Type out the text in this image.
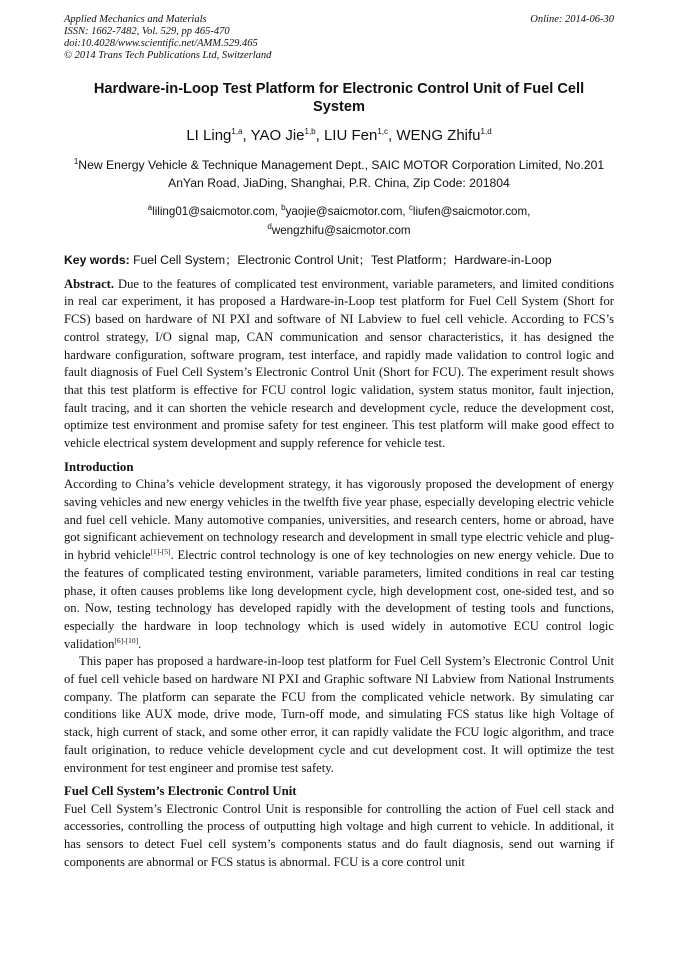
Applied Mechanics and Materials
ISSN: 1662-7482, Vol. 529, pp 465-470
doi:10.4028/www.scientific.net/AMM.529.465
© 2014 Trans Tech Publications Ltd, Switzerland
Online: 2014-06-30
Hardware-in-Loop Test Platform for Electronic Control Unit of Fuel Cell System
LI Ling$^{1,a}$, YAO Jie$^{1,b}$, LIU Fen$^{1,c}$, WENG Zhifu$^{1,d}$
$^1$New Energy Vehicle & Technique Management Dept., SAIC MOTOR Corporation Limited, No.201 AnYan Road, JiaDing, Shanghai, P.R. China, Zip Code: 201804
$^a$liling01@saicmotor.com, $^b$yaojie@saicmotor.com, $^c$liufen@saicmotor.com,
$^d$wengzhifu@saicmotor.com
Key words: Fuel Cell System；Electronic Control Unit；Test Platform；Hardware-in-Loop

Abstract. Due to the features of complicated test environment, variable parameters, and limited conditions in real car experiment, it has proposed a Hardware-in-Loop test platform for Fuel Cell System (Short for FCS) based on hardware of NI PXI and software of NI Labview to fuel cell vehicle. According to FCS’s control strategy, I/O signal map, CAN communication and sensor characteristics, it has designed the hardware configuration, software program, test interface, and rapidly made validation to control logic and fault diagnosis of Fuel Cell System’s Electronic Control Unit (Short for FCU). The experiment result shows that this test platform is effective for FCU control logic validation, system status monitor, fault injection, fault tracing, and it can shorten the vehicle research and development cycle, reduce the development cost, optimize test environment and promise safety for test engineer. This test platform will make good effect to vehicle electrical system development and supply reference for vehicle test.

Introduction

According to China’s vehicle development strategy, it has vigorously proposed the development of energy saving vehicles and new energy vehicles in the twelfth five year phase, especially developing electric vehicle and fuel cell vehicle. Many automotive companies, universities, and research centers, home or abroad, have got significant achievement on technology research and development in small type electric vehicle and plug-in hybrid vehicle[1]-[5]. Electric control technology is one of key technologies on new energy vehicle. Due to the features of complicated testing environment, variable parameters, limited conditions in real car testing phase, it often causes problems like long development cycle, high development cost, one-sided test, and so on. Now, testing technology has developed rapidly with the development of testing tools and functions, especially the hardware in loop technology which is used widely in automotive ECU control logic validation[6]-[10].

This paper has proposed a hardware-in-loop test platform for Fuel Cell System’s Electronic Control Unit of fuel cell vehicle based on hardware NI PXI and Graphic software NI Labview from National Instruments company. The platform can separate the FCU from the complicated vehicle network. By simulating car conditions like AUX mode, drive mode, Turn-off mode, and simulating FCS status like high Voltage of stack, high current of stack, and some other error, it can rapidly validate the FCU logic algorithm, and trace fault origination, to reduce vehicle development cycle and cut development cost. It will optimize the test environment for test engineer and promise test safety.

Fuel Cell System’s Electronic Control Unit

Fuel Cell System’s Electronic Control Unit is responsible for controlling the action of Fuel cell stack and accessories, controlling the process of outputting high voltage and high current to vehicle. In additional, it has sensors to detect Fuel cell system’s components status and do fault diagnosis, send out warning if components are abnormal or FCS status is abnormal. FCU is a core control unit
